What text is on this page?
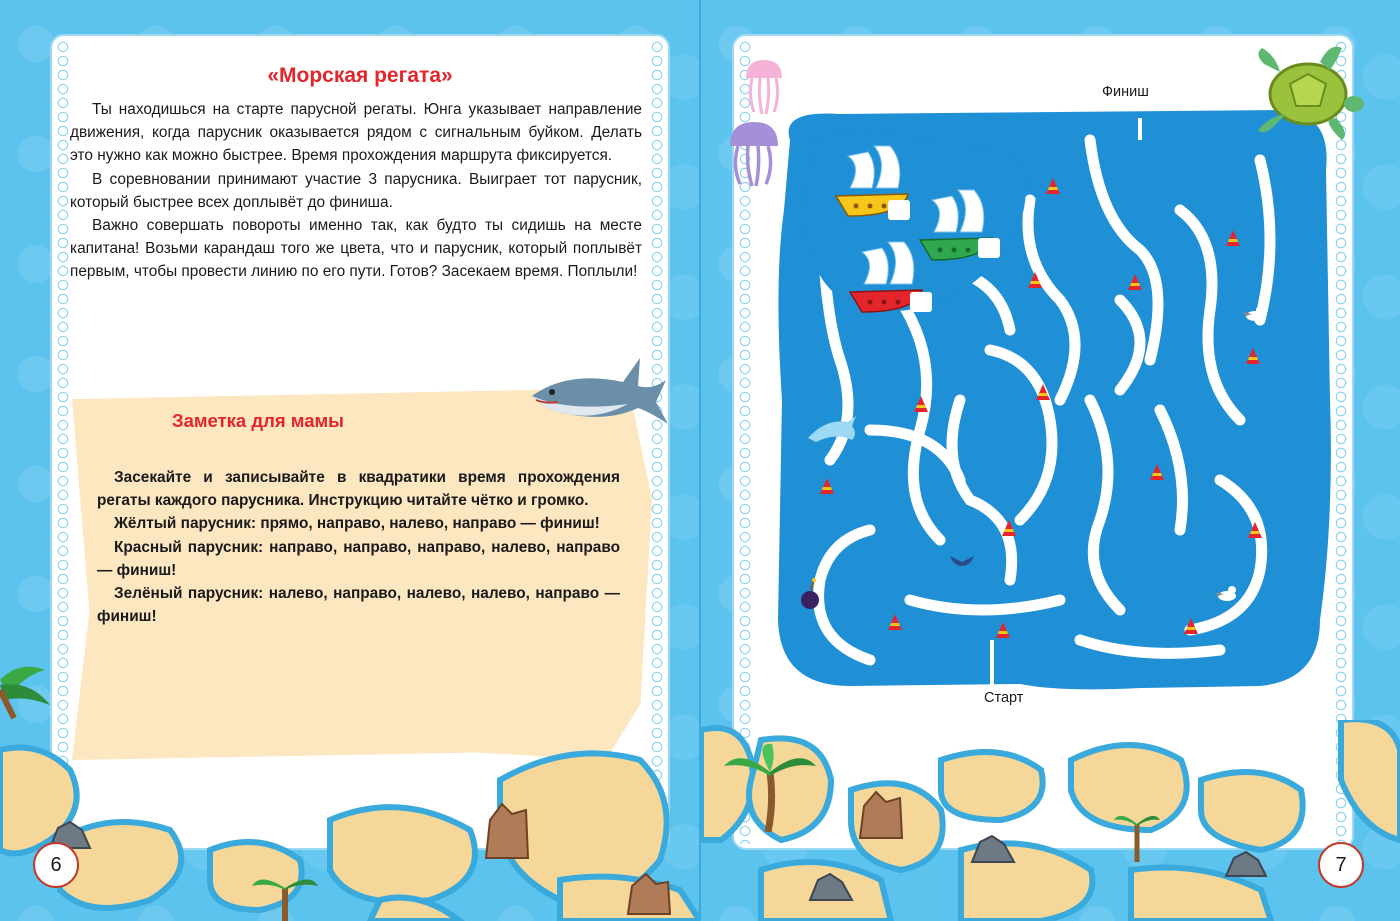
«Морская регата»

Ты находишься на старте парусной регаты. Юнга указывает направление движения, когда парусник оказывается рядом с сигнальным буйком. Делать это нужно как можно быстрее. Время прохождения маршрута фиксируется.

В соревновании принимают участие 3 парусника. Выиграет тот парусник, который быстрее всех доплывёт до финиша.

Важно совершать повороты именно так, как будто ты сидишь на месте капитана! Возьми карандаш того же цвета, что и парусник, который поплывёт первым, чтобы провести линию по его пути. Готов? Засекаем время. Поплыли!

Заметка для мамы

Засекайте и записывайте в квадратики время прохождения регаты каждого парусника. Инструкцию читайте чётко и громко.

Жёлтый парусник: прямо, направо, налево, направо — финиш!

Красный парусник: направо, направо, направо, налево, направо — финиш!

Зелёный парусник: налево, направо, налево, налево, направо — финиш!

Финиш
Старт
6	7
